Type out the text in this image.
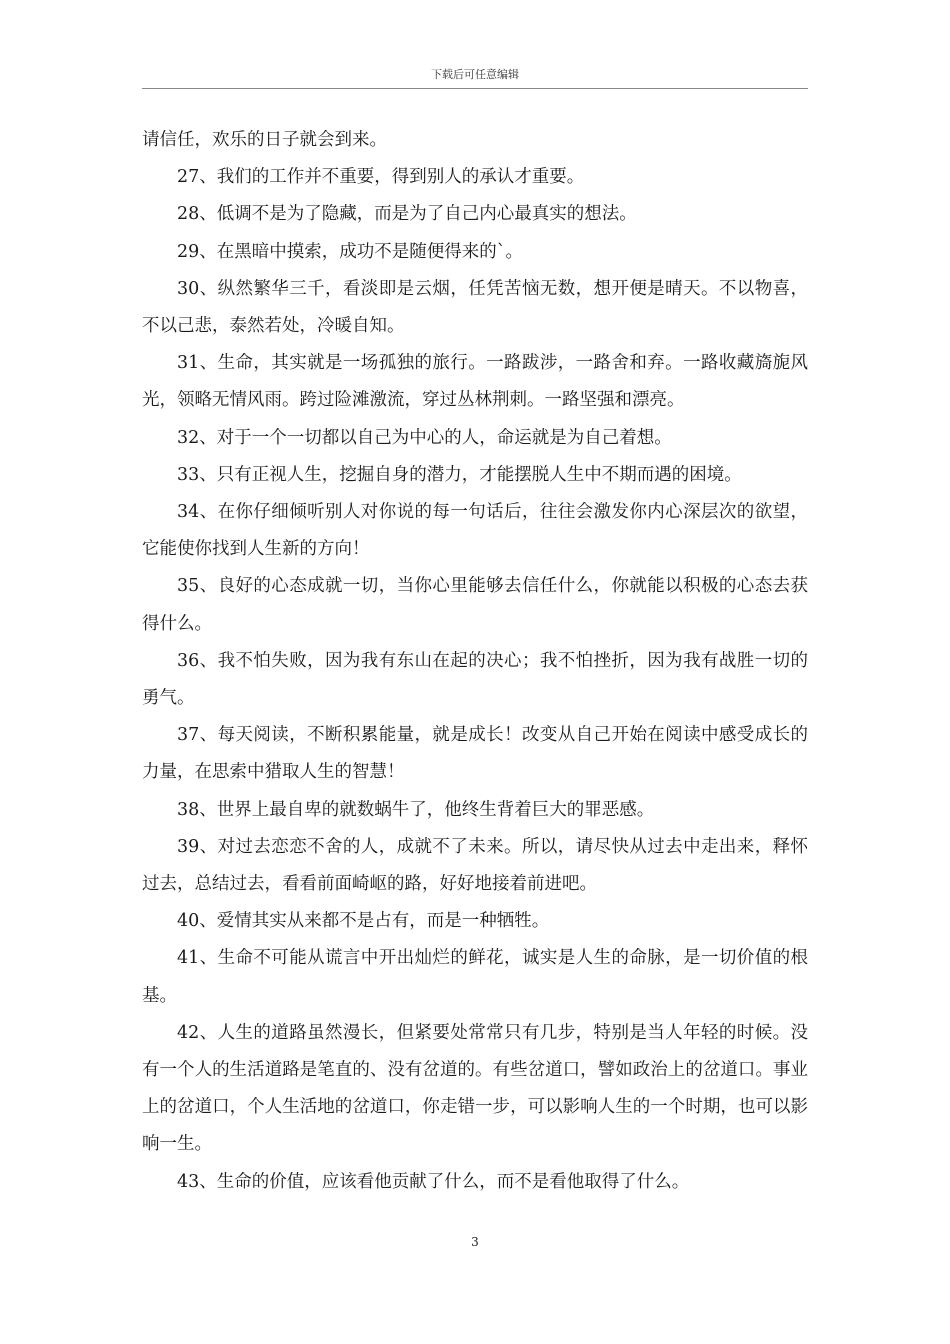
下载后可任意编辑

请信任，欢乐的日子就会到来。

27、我们的工作并不重要，得到别人的承认才重要。

28、低调不是为了隐藏，而是为了自己内心最真实的想法。

29、在黑暗中摸索，成功不是随便得来的`。

30、纵然繁华三千，看淡即是云烟，任凭苦恼无数，想开便是晴天。不以物喜，不以己悲，泰然若处，冷暖自知。

31、生命，其实就是一场孤独的旅行。一路跋涉，一路舍和弃。一路收藏旖旎风光，领略无情风雨。跨过险滩激流，穿过丛林荆刺。一路坚强和漂亮。

32、对于一个一切都以自己为中心的人，命运就是为自己着想。

33、只有正视人生，挖掘自身的潜力，才能摆脱人生中不期而遇的困境。

34、在你仔细倾听别人对你说的每一句话后，往往会激发你内心深层次的欲望，它能使你找到人生新的方向！

35、良好的心态成就一切，当你心里能够去信任什么，你就能以积极的心态去获得什么。

36、我不怕失败，因为我有东山在起的决心；我不怕挫折，因为我有战胜一切的勇气。

37、每天阅读，不断积累能量，就是成长！改变从自己开始在阅读中感受成长的力量，在思索中猎取人生的智慧！

38、世界上最自卑的就数蜗牛了，他终生背着巨大的罪恶感。

39、对过去恋恋不舍的人，成就不了未来。所以，请尽快从过去中走出来，释怀过去，总结过去，看看前面崎岖的路，好好地接着前进吧。

40、爱情其实从来都不是占有，而是一种牺牲。

41、生命不可能从谎言中开出灿烂的鲜花，诚实是人生的命脉，是一切价值的根基。

42、人生的道路虽然漫长，但紧要处常常只有几步，特别是当人年轻的时候。没有一个人的生活道路是笔直的、没有岔道的。有些岔道口，譬如政治上的岔道口。事业上的岔道口，个人生活地的岔道口，你走错一步，可以影响人生的一个时期，也可以影响一生。

43、生命的价值，应该看他贡献了什么，而不是看他取得了什么。

3
